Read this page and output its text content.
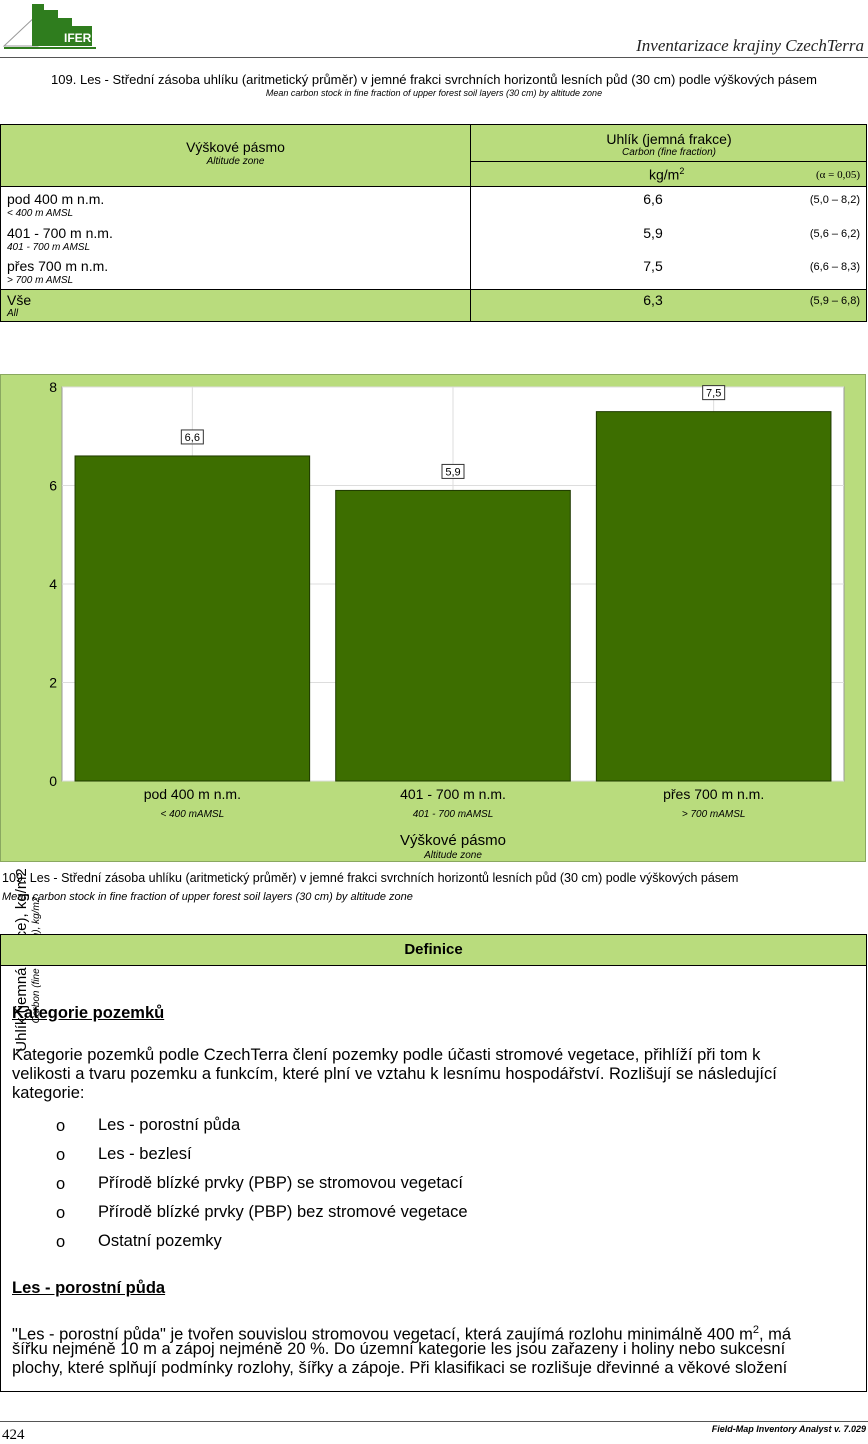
IFER	Inventarizace krajiny CzechTerra
109. Les - Střední zásoba uhlíku (aritmetický průměr) v jemné frakci svrchních horizontů lesních půd (30 cm) podle výškových pásem
Mean carbon stock in fine fraction of upper forest soil layers (30 cm) by altitude zone
Výškové pásmo
Altitude zone
Uhlík (jemná frakce)
Carbon (fine fraction)
$kg/m^2$	(α = 0,05)
pod 400 m n.m.
< 400 m AMSL
6,6	(5,0 – 8,2)
401 - 700 m n.m.
401 - 700 m AMSL
5,9	(5,6 – 6,2)
přes 700 m n.m.
> 700 m AMSL
7,5	(6,6 – 8,3)
Vše
All
6,3	(5,9 – 6,8)
6,6
5,9
7,5
0
2
4
6
8
pod 400 m n.m.
< 400 mAMSL
401 - 700 m n.m.
401 - 700 mAMSL
přes 700 m n.m.
> 700 mAMSL
Výškové pásmo
Altitude zone
109. Les - Střední zásoba uhlíku (aritmetický průměr) v jemné frakci svrchních horizontů lesních půd (30 cm) podle výškových pásem
Mean carbon stock in fine fraction of upper forest soil layers (30 cm) by altitude zone
Definice
Kategorie pozemků
Kategorie pozemků podle CzechTerra člení pozemky podle účasti stromové vegetace, přihlíží při tom k
velikosti a tvaru pozemku a funkcím, které plní ve vztahu k lesnímu hospodářství. Rozlišují se následující
kategorie:
o Les - porostní půda
o Les - bezlesí
o Přírodě blízké prvky (PBP) se stromovou vegetací
o Přírodě blízké prvky (PBP) bez stromové vegetace
o Ostatní pozemky
Les - porostní půda
"Les - porostní půda" je tvořen souvislou stromovou vegetací, která zaujímá rozlohu minimálně 400 $m^2$, má
šířku nejméně 10 m a zápoj nejméně 20 %. Do územní kategorie les jsou zařazeny i holiny nebo sukcesní
plochy, které splňují podmínky rozlohy, šířky a zápoje. Při klasifikaci se rozlišuje dřevinné a věkové složení
424	Field-Map Inventory Analyst v. 7.029
